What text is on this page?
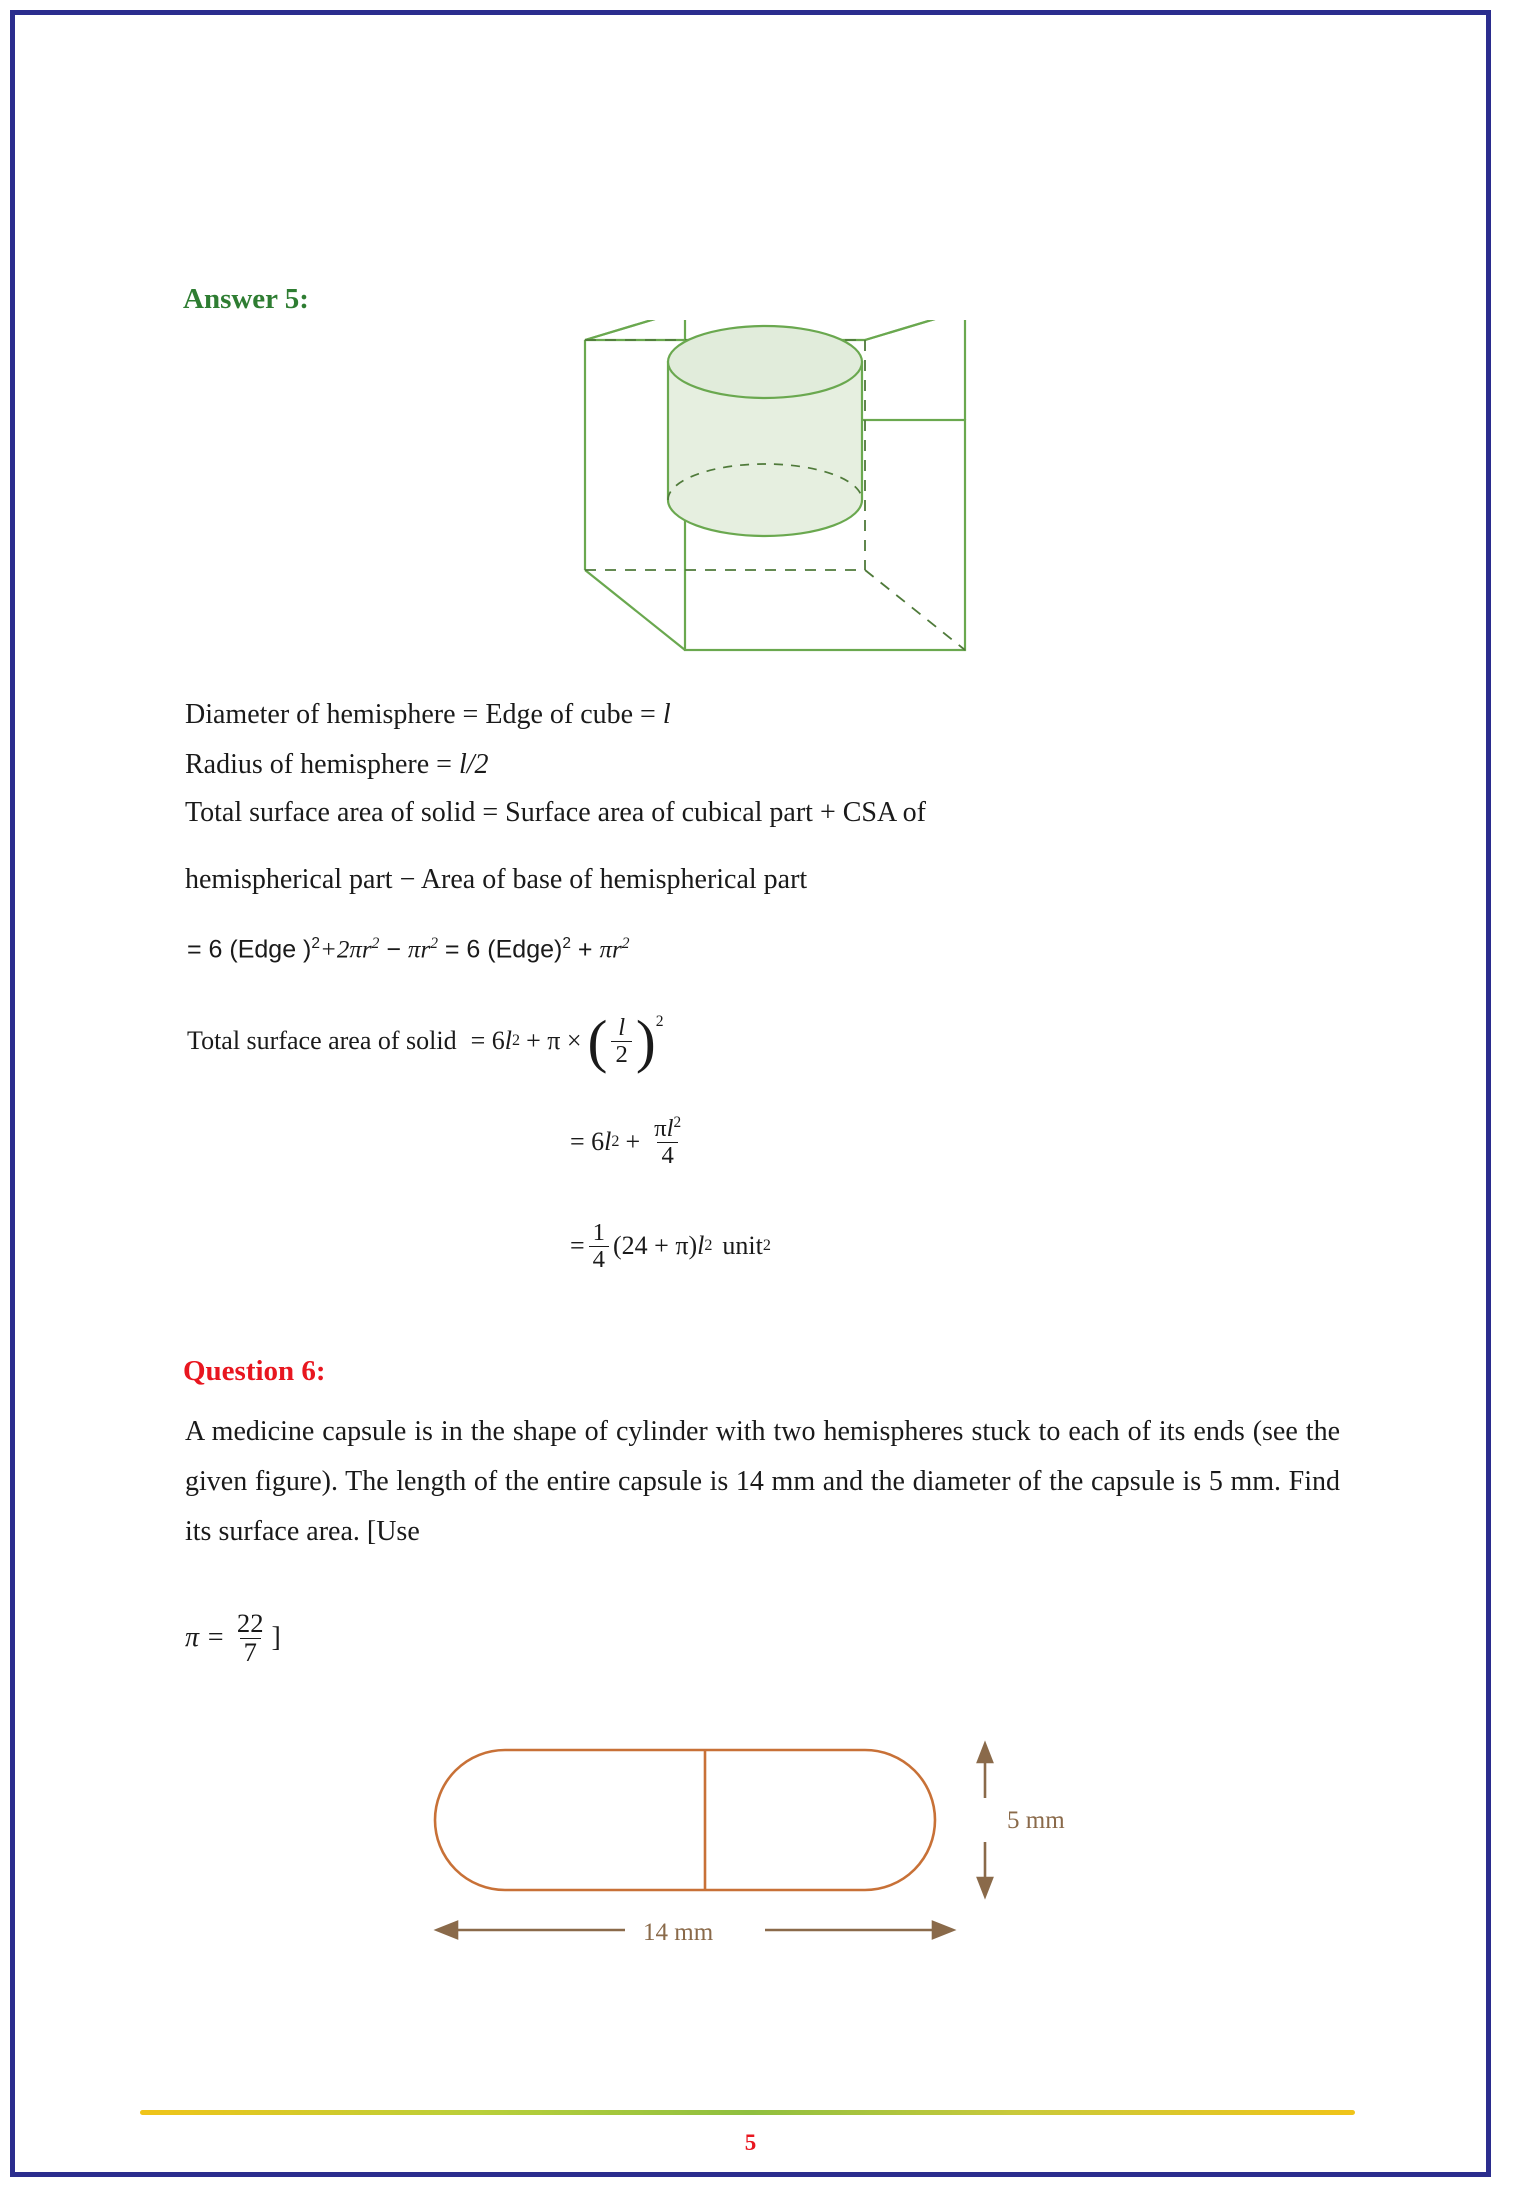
Answer 5:
Diameter of hemisphere = Edge of cube = l
Radius of hemisphere = l/2
Total surface area of solid = Surface area of cubical part + CSA of
hemispherical part − Area of base of hemispherical part
= 6 (Edge )$^2+2\pi r^2 - \pi r^2 = 6$ (Edge)$^2$ + $\pi r^2$
Total surface area of solid = 6 l 2 + π × ( $\frac{l}{2}$ ) 2
= 6 l $2 + \frac{\pi l^2}{4}$
= $\frac{1}{4} (24 + \pi)$ l 2 unit 2
Question 6:
A medicine capsule is in the shape of cylinder with two hemispheres stuck to each of its ends (see the given figure). The length of the entire capsule is 14 mm and the diameter of the capsule is 5 mm. Find its surface area. [Use
$\pi = \frac{22}{7}$ ]
5 mm
14 mm
5
